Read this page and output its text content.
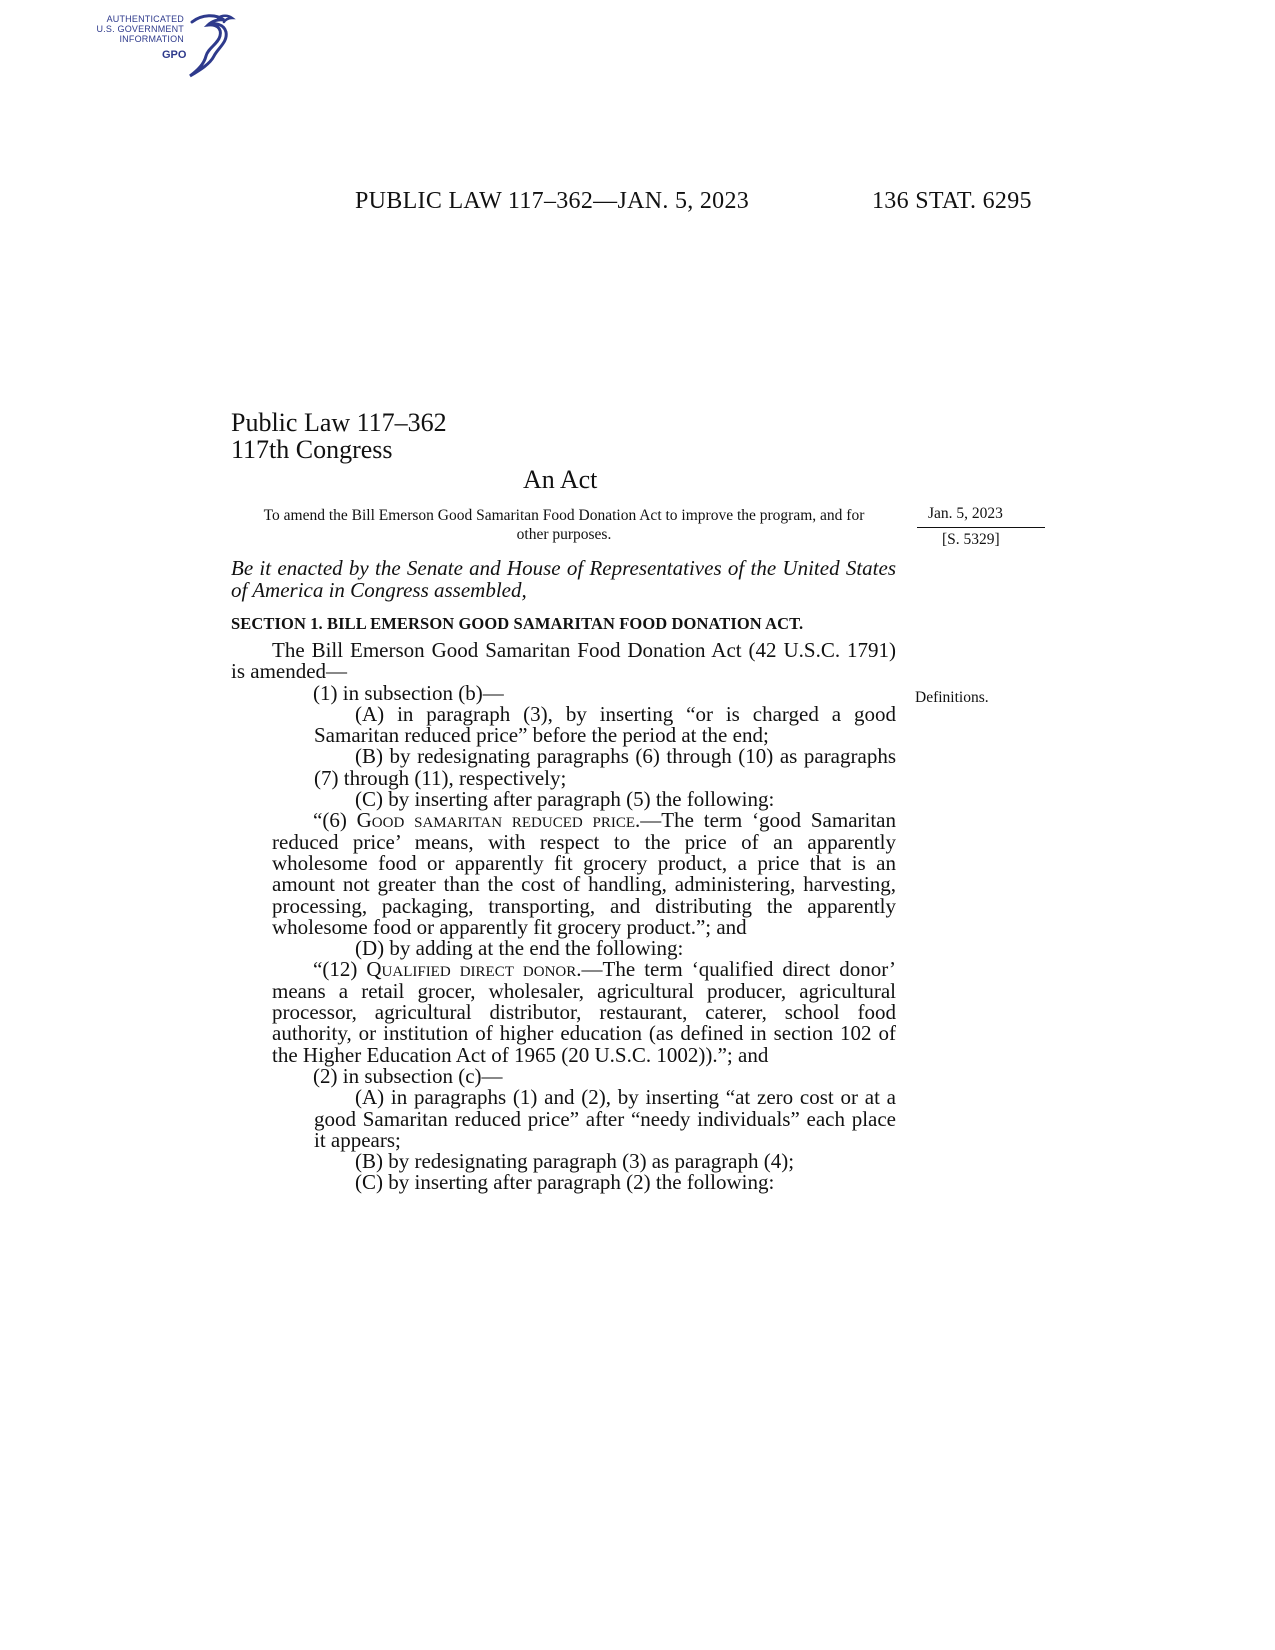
AUTHENTICATED
U.S. GOVERNMENT
INFORMATION
GPO
PUBLIC LAW 117–362—JAN. 5, 2023	136 STAT. 6295
Public Law 117–362
117th Congress
An Act
To amend the Bill Emerson Good Samaritan Food Donation Act to improve the program, and for other purposes.
Jan. 5, 2023
[S. 5329]
Be it enacted by the Senate and House of Representatives of the United States of America in Congress assembled,
SECTION 1. BILL EMERSON GOOD SAMARITAN FOOD DONATION ACT.
Definitions.

The Bill Emerson Good Samaritan Food Donation Act (42 U.S.C. 1791) is amended—

(1) in subsection (b)—

(A) in paragraph (3), by inserting “or is charged a good Samaritan reduced price” before the period at the end;

(B) by redesignating paragraphs (6) through (10) as paragraphs (7) through (11), respectively;

(C) by inserting after paragraph (5) the following:

“(6) Good samaritan reduced price.—The term ‘good Samaritan reduced price’ means, with respect to the price of an apparently wholesome food or apparently fit grocery product, a price that is an amount not greater than the cost of handling, administering, harvesting, processing, packaging, transporting, and distributing the apparently wholesome food or apparently fit grocery product.”; and

(D) by adding at the end the following:

“(12) Qualified direct donor.—The term ‘qualified direct donor’ means a retail grocer, wholesaler, agricultural producer, agricultural processor, agricultural distributor, restaurant, caterer, school food authority, or institution of higher education (as defined in section 102 of the Higher Education Act of 1965 (20 U.S.C. 1002)).”; and

(2) in subsection (c)—

(A) in paragraphs (1) and (2), by inserting “at zero cost or at a good Samaritan reduced price” after “needy individuals” each place it appears;

(B) by redesignating paragraph (3) as paragraph (4);

(C) by inserting after paragraph (2) the following:
